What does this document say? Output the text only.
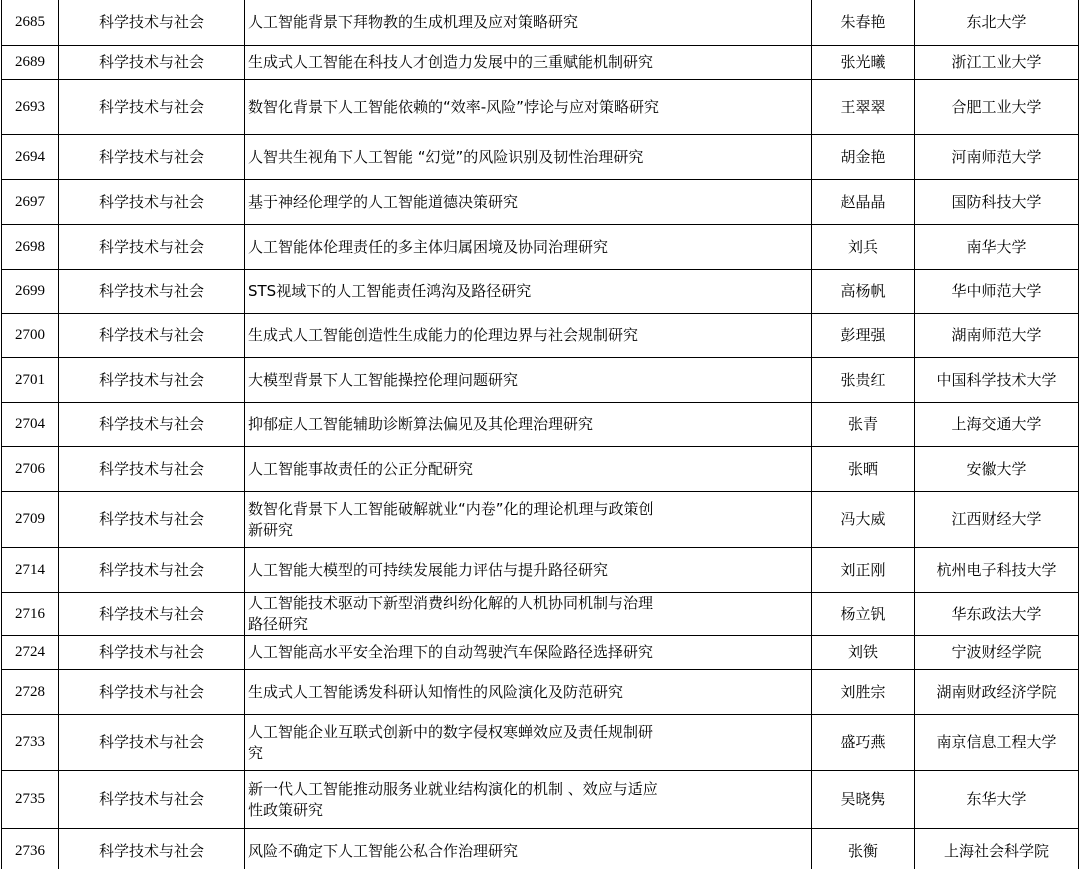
2685	科学技术与社会	人工智能背景下拜物教的生成机理及应对策略研究	朱春艳	东北大学
2689	科学技术与社会	生成式人工智能在科技人才创造力发展中的三重赋能机制研究	张光曦	浙江工业大学
2693	科学技术与社会	数智化背景下人工智能依赖的“效率-风险”悖论与应对策略研究	王翠翠	合肥工业大学
2694	科学技术与社会	人智共生视角下人工智能 “幻觉”的风险识别及韧性治理研究	胡金艳	河南师范大学
2697	科学技术与社会	基于神经伦理学的人工智能道德决策研究	赵晶晶	国防科技大学
2698	科学技术与社会	人工智能体伦理责任的多主体归属困境及协同治理研究	刘兵	南华大学
2699	科学技术与社会	STS视域下的人工智能责任鸿沟及路径研究	高杨帆	华中师范大学
2700	科学技术与社会	生成式人工智能创造性生成能力的伦理边界与社会规制研究	彭理强	湖南师范大学
2701	科学技术与社会	大模型背景下人工智能操控伦理问题研究	张贵红	中国科学技术大学
2704	科学技术与社会	抑郁症人工智能辅助诊断算法偏见及其伦理治理研究	张青	上海交通大学
2706	科学技术与社会	人工智能事故责任的公正分配研究	张晒	安徽大学
2709	科学技术与社会	数智化背景下人工智能破解就业“内卷”化的理论机理与政策创新研究	冯大威	江西财经大学
2714	科学技术与社会	人工智能大模型的可持续发展能力评估与提升路径研究	刘正刚	杭州电子科技大学
2716	科学技术与社会	人工智能技术驱动下新型消费纠纷化解的人机协同机制与治理路径研究	杨立钒	华东政法大学
2724	科学技术与社会	人工智能高水平安全治理下的自动驾驶汽车保险路径选择研究	刘铁	宁波财经学院
2728	科学技术与社会	生成式人工智能诱发科研认知惰性的风险演化及防范研究	刘胜宗	湖南财政经济学院
2733	科学技术与社会	人工智能企业互联式创新中的数字侵权寒蝉效应及责任规制研究	盛巧燕	南京信息工程大学
2735	科学技术与社会	新一代人工智能推动服务业就业结构演化的机制 、效应与适应性政策研究	吴晓隽	东华大学
2736	科学技术与社会	风险不确定下人工智能公私合作治理研究	张衡	上海社会科学院
